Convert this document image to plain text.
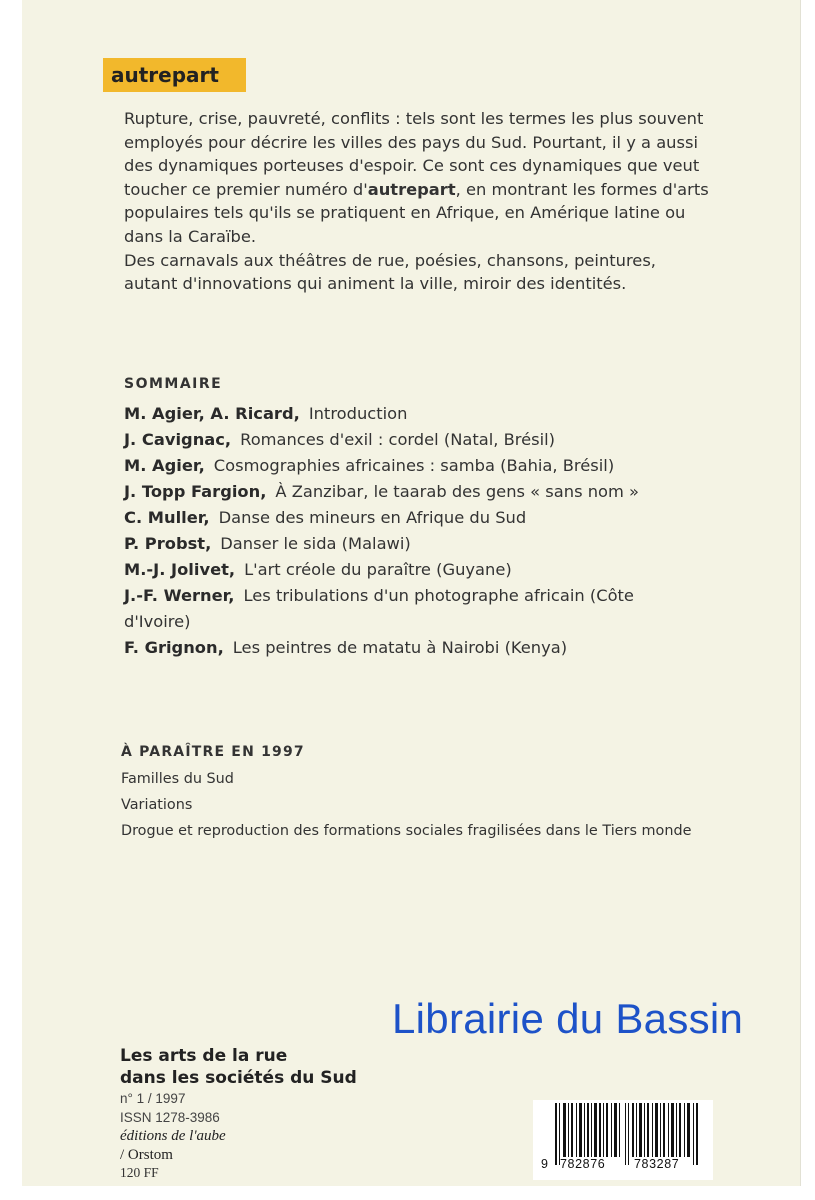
autrepart

Rupture, crise, pauvreté, conflits : tels sont les termes les plus souvent employés pour décrire les villes des pays du Sud. Pourtant, il y a aussi des dynamiques porteuses d'espoir. Ce sont ces dynamiques que veut toucher ce premier numéro d'autrepart, en montrant les formes d'arts populaires tels qu'ils se pratiquent en Afrique, en Amérique latine ou dans la Caraïbe.

Des carnavals aux théâtres de rue, poésies, chansons, peintures, autant d'innovations qui animent la ville, miroir des identités.

SOMMAIRE
M. Agier, A. Ricard, Introduction
J. Cavignac, Romances d'exil : cordel (Natal, Brésil)
M. Agier, Cosmographies africaines : samba (Bahia, Brésil)
J. Topp Fargion, À Zanzibar, le taarab des gens « sans nom »
C. Muller, Danse des mineurs en Afrique du Sud
P. Probst, Danser le sida (Malawi)
M.-J. Jolivet, L'art créole du paraître (Guyane)
J.-F. Werner, Les tribulations d'un photographe africain (Côte
d'Ivoire)
F. Grignon, Les peintres de matatu à Nairobi (Kenya)
À PARAÎTRE EN 1997
Familles du Sud
Variations
Drogue et reproduction des formations sociales fragilisées dans le Tiers monde
Librairie du Bassin
Les arts de la rue
dans les sociétés du Sud
n° 1 / 1997
ISSN 1278-3986
éditions de l'aube
/ Orstom
120 FF
9 782876 783287
